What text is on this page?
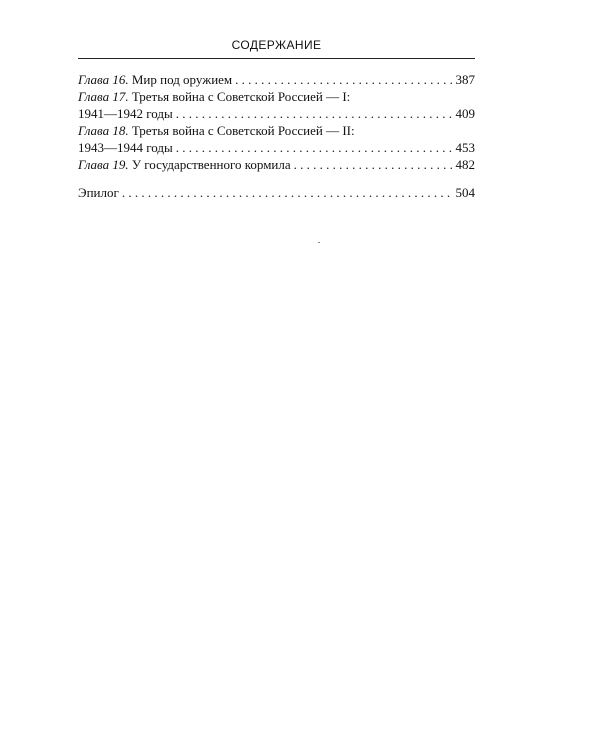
СОДЕРЖАНИЕ
Глава 16.
Мир под оружием . . .	387
Глава 17.
Третья война с Советской Россией — I:
1941—1942 годы . . .	409
Глава 18.
Третья война с Советской Россией — II:
1943—1944 годы . . .	453
Глава 19.
У государственного кормила . . .	482
Эпилог . . .	504
